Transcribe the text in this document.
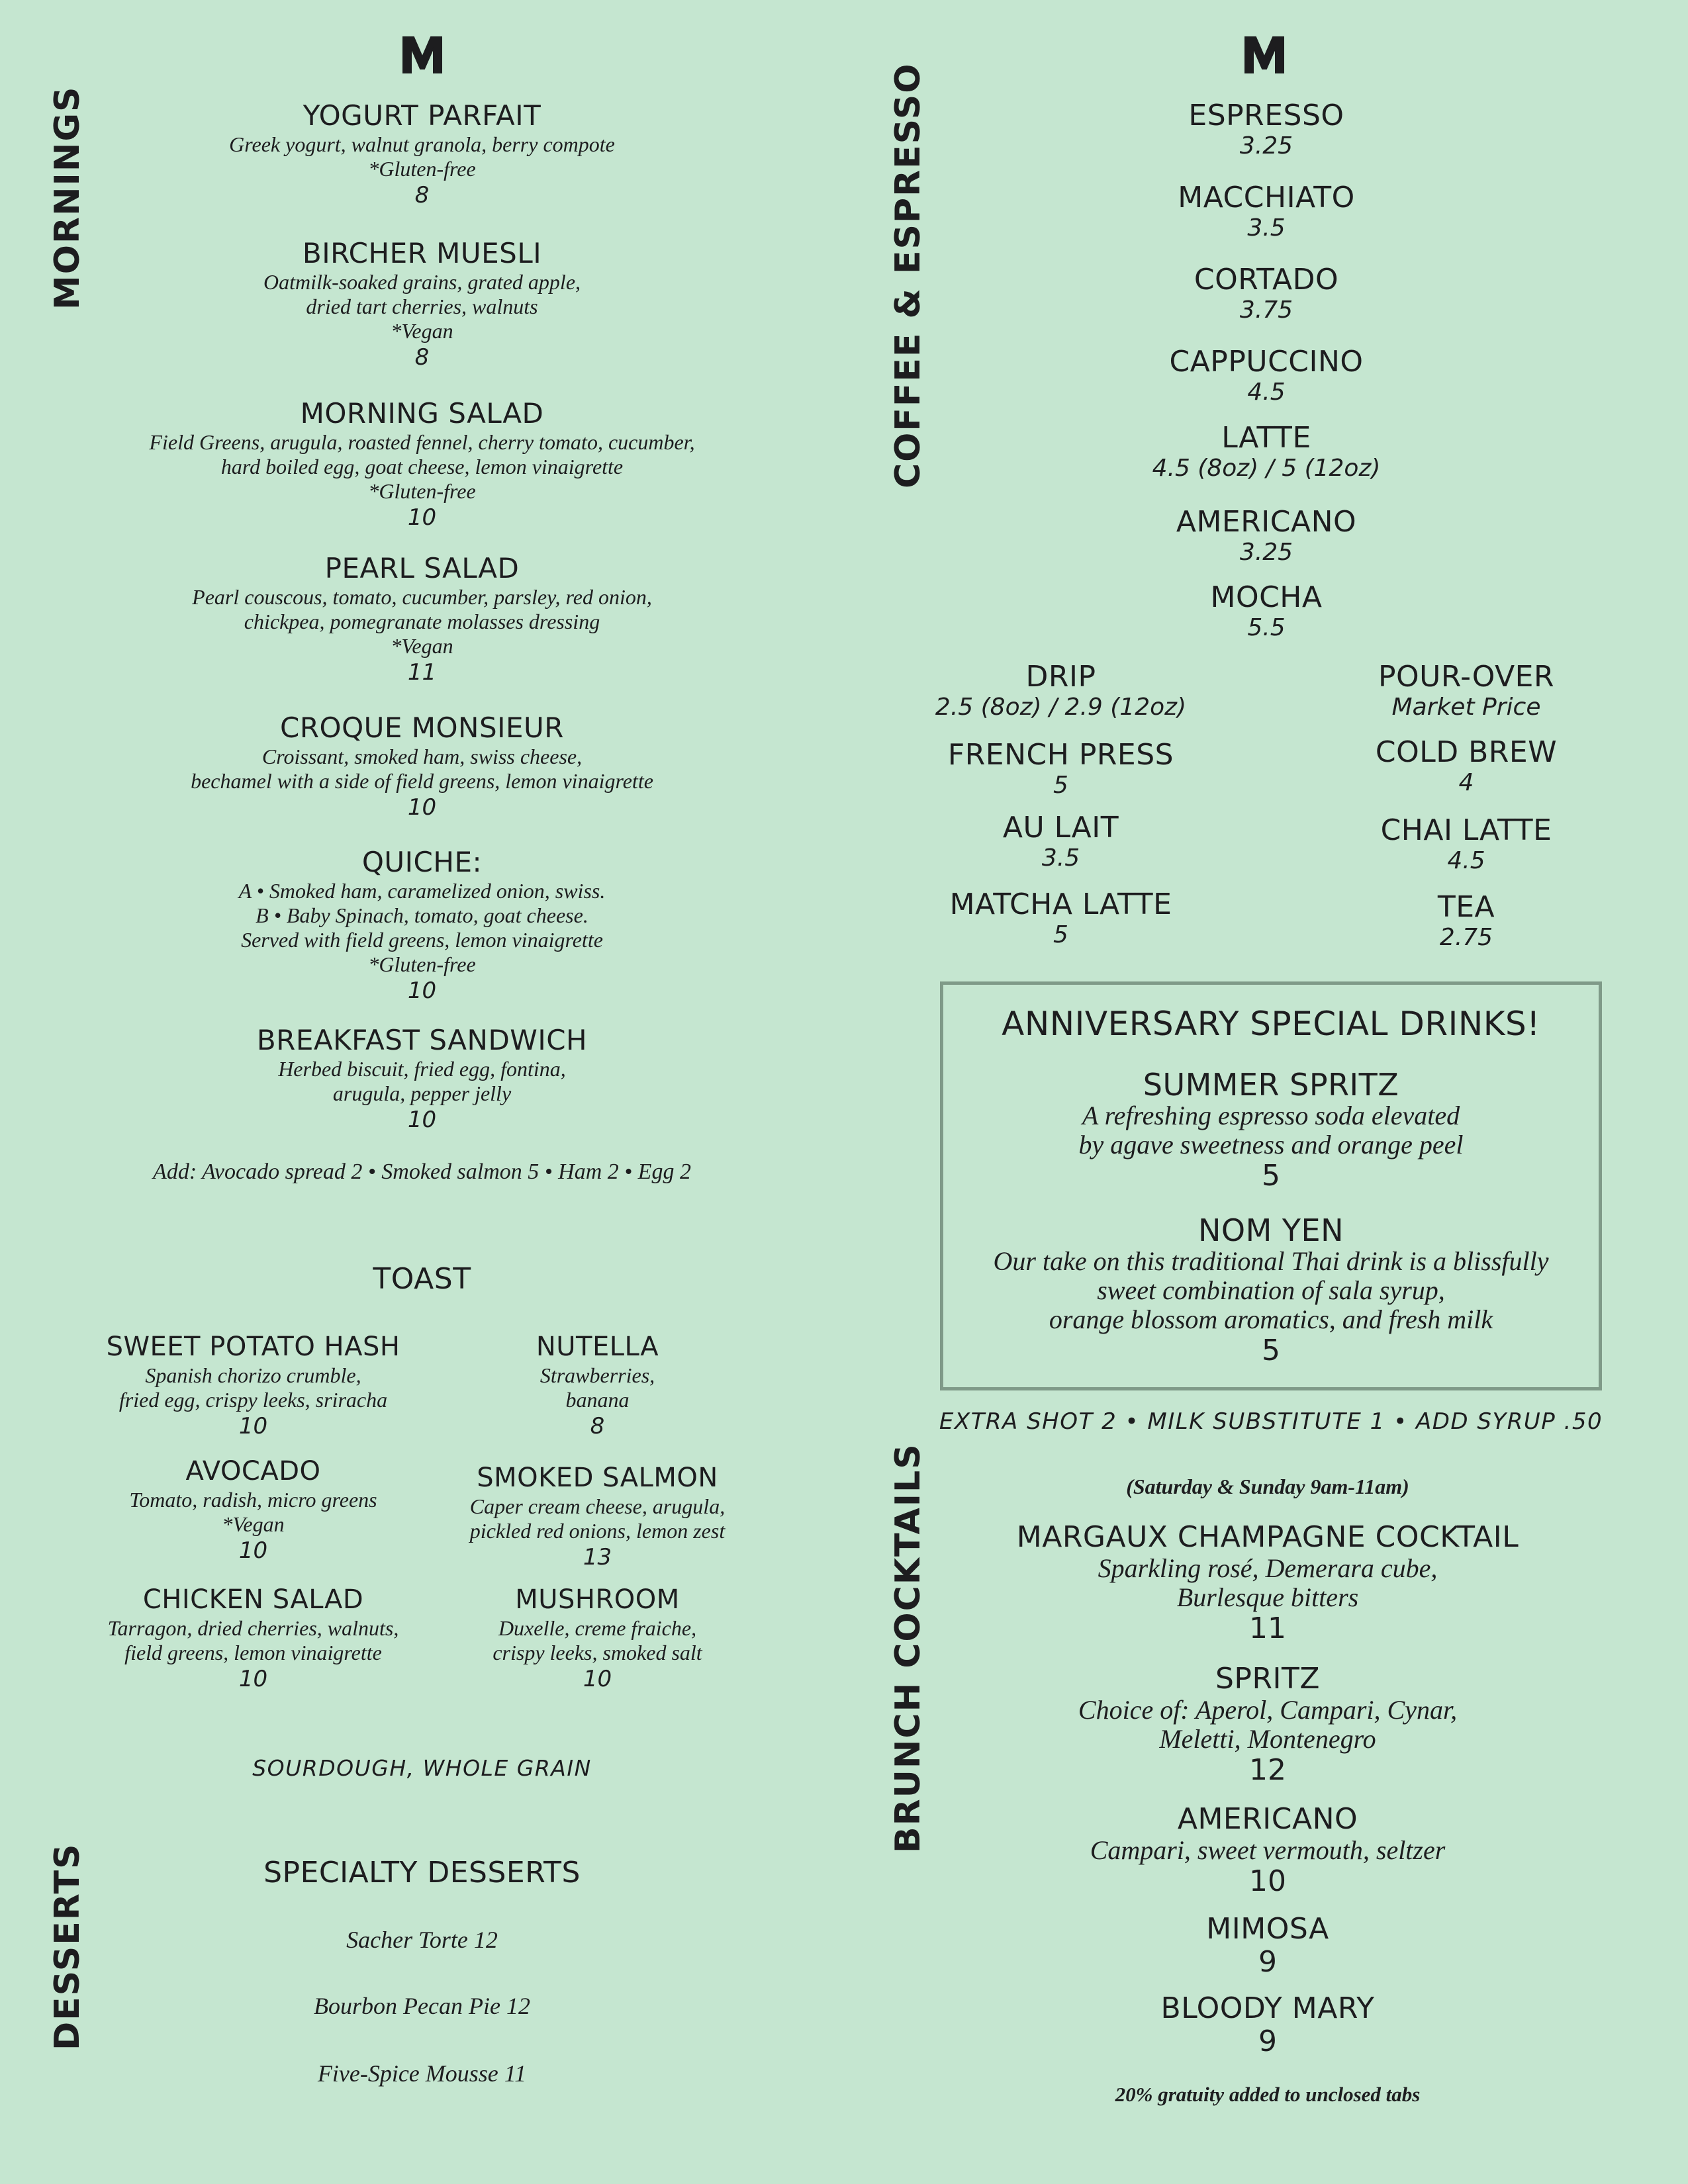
MORNINGS
DESSERTS
COFFEE & ESPRESSO
BRUNCH COCKTAILS
YOGURT PARFAIT
Greek yogurt, walnut granola, berry compote
*Gluten-free
8
BIRCHER MUESLI
Oatmilk-soaked grains, grated apple,
dried tart cherries, walnuts
*Vegan
8
MORNING SALAD
Field Greens, arugula, roasted fennel, cherry tomato, cucumber,
hard boiled egg, goat cheese, lemon vinaigrette
*Gluten-free
10
PEARL SALAD
Pearl couscous, tomato, cucumber, parsley, red onion,
chickpea, pomegranate molasses dressing
*Vegan
11
CROQUE MONSIEUR
Croissant, smoked ham, swiss cheese,
bechamel with a side of field greens, lemon vinaigrette
10
QUICHE:
A • Smoked ham, caramelized onion, swiss.
B • Baby Spinach, tomato, goat cheese.
Served with field greens, lemon vinaigrette
*Gluten-free
10
BREAKFAST SANDWICH
Herbed biscuit, fried egg, fontina,
arugula, pepper jelly
10
Add: Avocado spread 2 • Smoked salmon 5 • Ham 2 • Egg 2
TOAST
SWEET POTATO HASH
Spanish chorizo crumble,
fried egg, crispy leeks, sriracha
10
NUTELLA
Strawberries,
banana
8
AVOCADO
Tomato, radish, micro greens
*Vegan
10
SMOKED SALMON
Caper cream cheese, arugula,
pickled red onions, lemon zest
13
CHICKEN SALAD
Tarragon, dried cherries, walnuts,
field greens, lemon vinaigrette
10
MUSHROOM
Duxelle, creme fraiche,
crispy leeks, smoked salt
10
SOURDOUGH, WHOLE GRAIN
SPECIALTY DESSERTS
Sacher Torte 12
Bourbon Pecan Pie 12
Five-Spice Mousse 11
ESPRESSO
3.25
MACCHIATO
3.5
CORTADO
3.75
CAPPUCCINO
4.5
LATTE
4.5 (8oz) / 5 (12oz)
AMERICANO
3.25
MOCHA
5.5
DRIP
2.5 (8oz) / 2.9 (12oz)
FRENCH PRESS
5
AU LAIT
3.5
MATCHA LATTE
5
POUR-OVER
Market Price
COLD BREW
4
CHAI LATTE
4.5
TEA
2.75
ANNIVERSARY SPECIAL DRINKS!
SUMMER SPRITZ
A refreshing espresso soda elevated
by agave sweetness and orange peel
5
NOM YEN
Our take on this traditional Thai drink is a blissfully
sweet combination of sala syrup,
orange blossom aromatics, and fresh milk
5
EXTRA SHOT 2 • MILK SUBSTITUTE 1 • ADD SYRUP .50
(Saturday & Sunday 9am-11am)
MARGAUX CHAMPAGNE COCKTAIL
Sparkling rosé, Demerara cube,
Burlesque bitters
11
SPRITZ
Choice of: Aperol, Campari, Cynar,
Meletti, Montenegro
12
AMERICANO
Campari, sweet vermouth, seltzer
10
MIMOSA
9
BLOODY MARY
9
20% gratuity added to unclosed tabs
